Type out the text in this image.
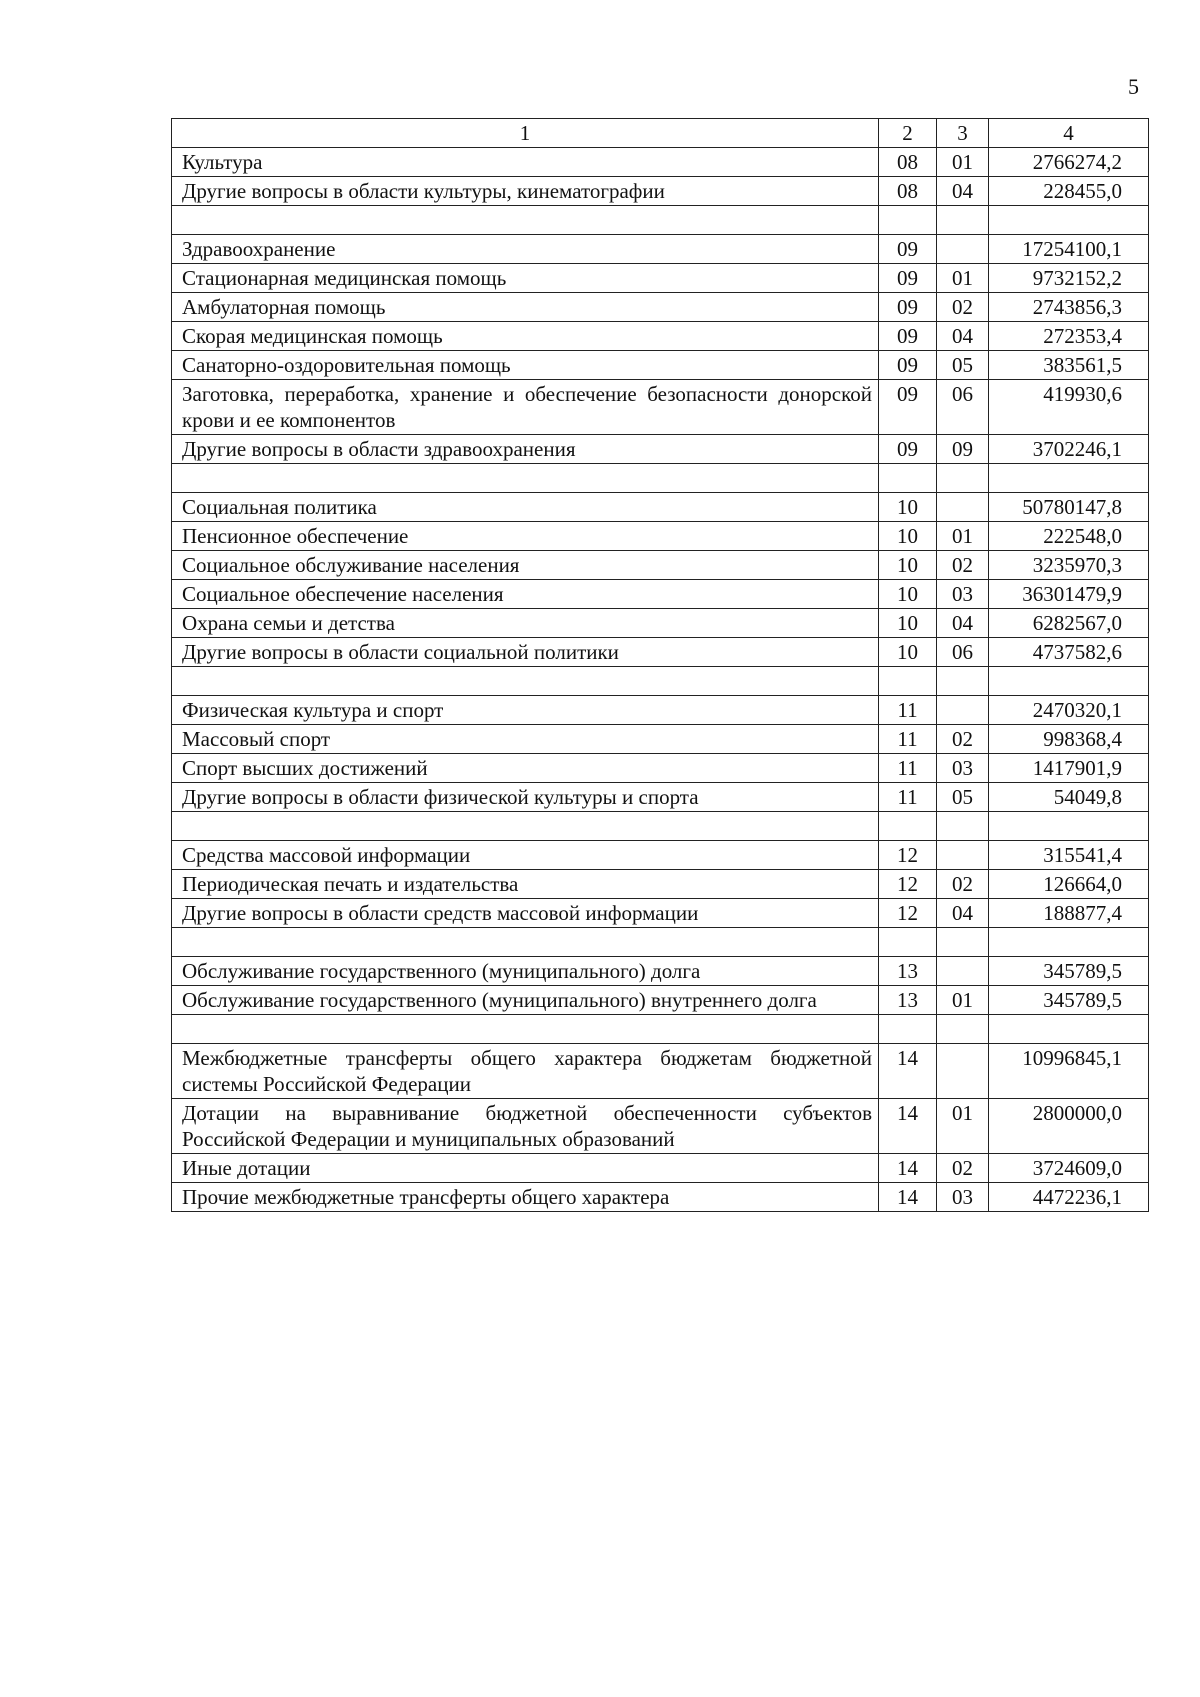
5
1	2	3	4
Культура	08	01	2766274,2
Другие вопросы в области культуры, кинематографии	08	04	228455,0

Здравоохранение	09		17254100,1
Стационарная медицинская помощь	09	01	9732152,2
Амбулаторная помощь	09	02	2743856,3
Скорая медицинская помощь	09	04	272353,4
Санаторно-оздоровительная помощь	09	05	383561,5
Заготовка, переработка, хранение и обеспечение безопасности донорской крови и ее компонентов	09	06	419930,6
Другие вопросы в области здравоохранения	09	09	3702246,1

Социальная политика	10		50780147,8
Пенсионное обеспечение	10	01	222548,0
Социальное обслуживание населения	10	02	3235970,3
Социальное обеспечение населения	10	03	36301479,9
Охрана семьи и детства	10	04	6282567,0
Другие вопросы в области социальной политики	10	06	4737582,6

Физическая культура и спорт	11		2470320,1
Массовый спорт	11	02	998368,4
Спорт высших достижений	11	03	1417901,9
Другие вопросы в области физической культуры и спорта	11	05	54049,8

Средства массовой информации	12		315541,4
Периодическая печать и издательства	12	02	126664,0
Другие вопросы в области средств массовой информации	12	04	188877,4

Обслуживание государственного (муниципального) долга	13		345789,5
Обслуживание государственного (муниципального) внутреннего долга	13	01	345789,5

Межбюджетные трансферты общего характера бюджетам бюджетной системы Российской Федерации	14		10996845,1
Дотации на выравнивание бюджетной обеспеченности субъектов Российской Федерации и муниципальных образований	14	01	2800000,0
Иные дотации	14	02	3724609,0
Прочие межбюджетные трансферты общего характера	14	03	4472236,1
